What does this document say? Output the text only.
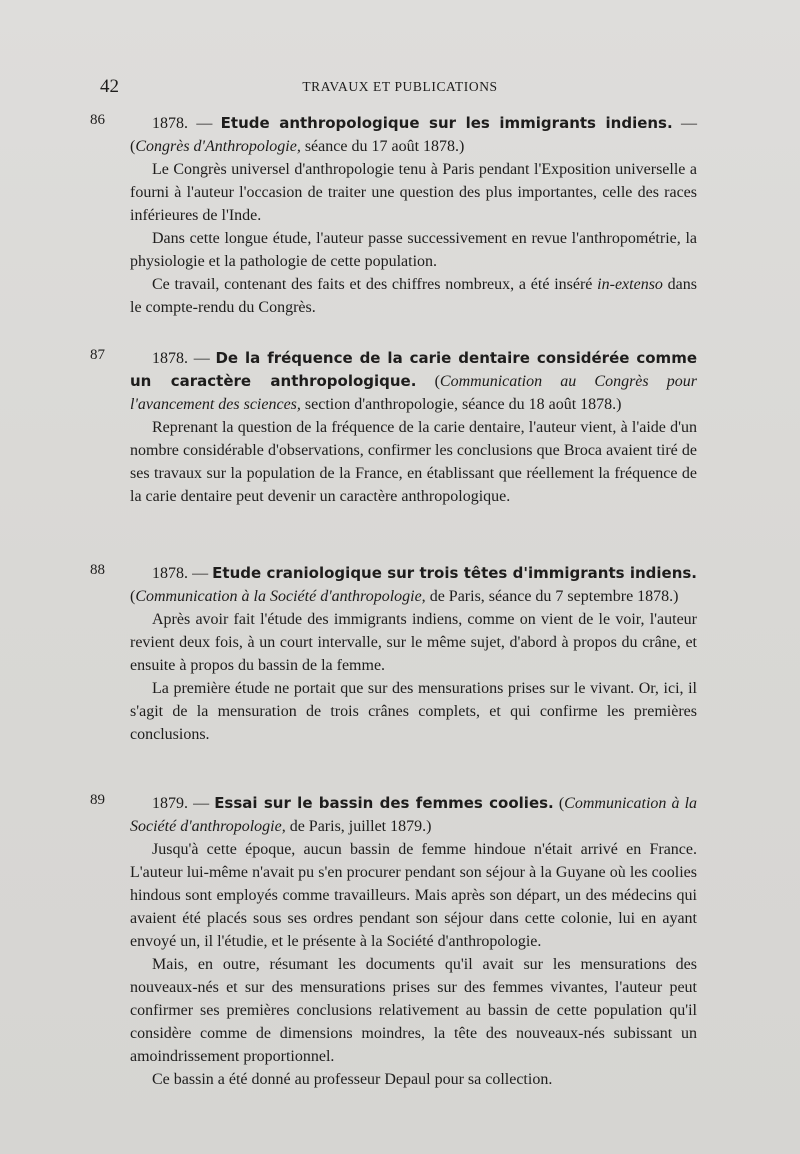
42	TRAVAUX ET PUBLICATIONS
86	1878. — Etude anthropologique sur les immigrants indiens. — (Congrès d'Anthropologie, séance du 17 août 1878.)

Le Congrès universel d'anthropologie tenu à Paris pendant l'Exposition universelle a fourni à l'auteur l'occasion de traiter une question des plus importantes, celle des races inférieures de l'Inde.

Dans cette longue étude, l'auteur passe successivement en revue l'anthropométrie, la physiologie et la pathologie de cette population.

Ce travail, contenant des faits et des chiffres nombreux, a été inséré in-extenso dans le compte-rendu du Congrès.

87	1878. — De la fréquence de la carie dentaire considérée comme un caractère anthropologique. (Communication au Congrès pour l'avancement des sciences, section d'anthropologie, séance du 18 août 1878.)

Reprenant la question de la fréquence de la carie dentaire, l'auteur vient, à l'aide d'un nombre considérable d'observations, confirmer les conclusions que Broca avaient tiré de ses travaux sur la population de la France, en établissant que réellement la fréquence de la carie dentaire peut devenir un caractère anthropologique.

88	1878. — Etude craniologique sur trois têtes d'immigrants indiens. (Communication à la Société d'anthropologie, de Paris, séance du 7 septembre 1878.)

Après avoir fait l'étude des immigrants indiens, comme on vient de le voir, l'auteur revient deux fois, à un court intervalle, sur le même sujet, d'abord à propos du crâne, et ensuite à propos du bassin de la femme.

La première étude ne portait que sur des mensurations prises sur le vivant. Or, ici, il s'agit de la mensuration de trois crânes complets, et qui confirme les premières conclusions.

89	1879. — Essai sur le bassin des femmes coolies. (Communication à la Société d'anthropologie, de Paris, juillet 1879.)

Jusqu'à cette époque, aucun bassin de femme hindoue n'était arrivé en France. L'auteur lui-même n'avait pu s'en procurer pendant son séjour à la Guyane où les coolies hindous sont employés comme travailleurs. Mais après son départ, un des médecins qui avaient été placés sous ses ordres pendant son séjour dans cette colonie, lui en ayant envoyé un, il l'étudie, et le présente à la Société d'anthropologie.

Mais, en outre, résumant les documents qu'il avait sur les mensurations des nouveaux-nés et sur des mensurations prises sur des femmes vivantes, l'auteur peut confirmer ses premières conclusions relativement au bassin de cette population qu'il considère comme de dimensions moindres, la tête des nouveaux-nés subissant un amoindrissement proportionnel.

Ce bassin a été donné au professeur Depaul pour sa collection.
